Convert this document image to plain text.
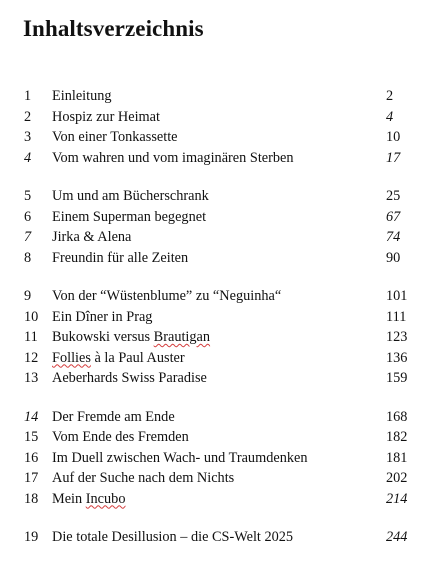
Inhaltsverzeichnis
1	Einleitung	2
2	Hospiz zur Heimat	4
3	Von einer Tonkassette	10
4	Vom wahren und vom imaginären Sterben	17
5	Um und am Bücherschrank	25
6	Einem Superman begegnet	67
7	Jirka & Alena	74
8	Freundin für alle Zeiten	90
9	Von der “Wüstenblume” zu “Neguinha“	101
10 Ein Dîner in Prag	111
11 Bukowski versus Brautigan	123
12 Follies à la Paul Auster	136
13 Aeberhards Swiss Paradise	159
14 Der Fremde am Ende	168
15 Vom Ende des Fremden	182
16 Im Duell zwischen Wach- und Traumdenken	181
17 Auf der Suche nach dem Nichts	202
18 Mein Incubo	214
19 Die totale Desillusion – die CS-Welt 2025	244
